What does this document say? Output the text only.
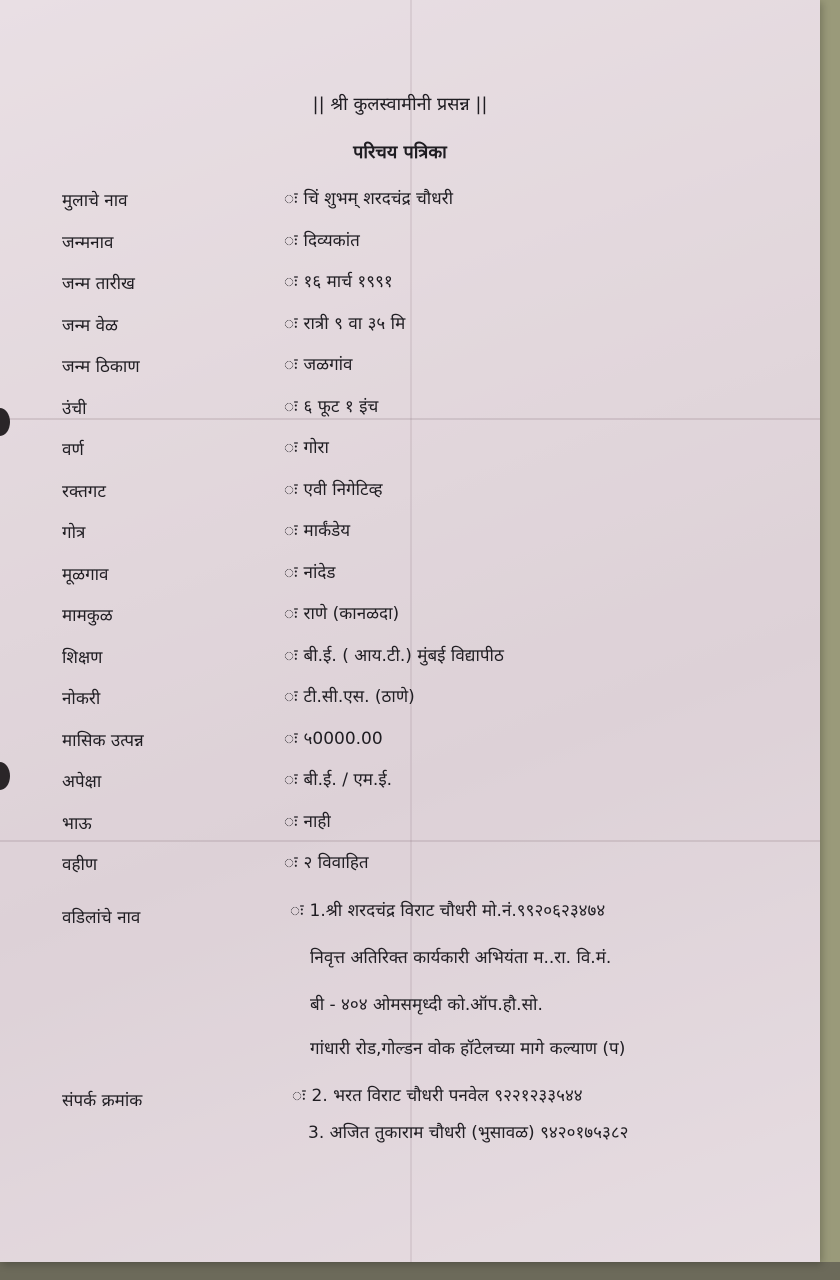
|| श्री कुलस्वामीनी प्रसन्न ||
परिचय पत्रिका
मुलाचे नाव	ः चिं शुभम् शरदचंद्र चौधरी
जन्मनाव	ः दिव्यकांत
जन्म तारीख	ः १६ मार्च १९९१
जन्म वेळ	ः रात्री ९ वा ३५ मि
जन्म ठिकाण	ः जळगांव
उंची	ः ६ फूट १ इंच
वर्ण	ः गोरा
रक्तगट	ः एवी निगेटिव्ह
गोत्र	ः मार्कंडेय
मूळगाव	ः नांदेड
मामकुळ	ः राणे (कानळदा)
शिक्षण	ः बी.ई. ( आय.टी.) मुंबई विद्यापीठ
नोकरी	ः टी.सी.एस. (ठाणे)
मासिक उत्पन्न	ः ५0000.00
अपेक्षा	ः बी.ई. / एम.ई.
भाऊ	ः नाही
वहीण	ः २ विवाहित
वडिलांचे नाव	ः 1.श्री शरदचंद्र विराट चौधरी मो.नं.९९२०६२३४७४
निवृत्त अतिरिक्त कार्यकारी अभियंता म..रा. वि.मं.
बी - ४०४ ओमसमृध्दी को.ऑप.हौ.सो.
गांधारी रोड,गोल्डन वोक हॉटेलच्या मागे कल्याण (प)
संपर्क क्रमांक	ः 2. भरत विराट चौधरी पनवेल ९२२१२३३५४४
3. अजित तुकाराम चौधरी (भुसावळ) ९४२०१७५३८२
